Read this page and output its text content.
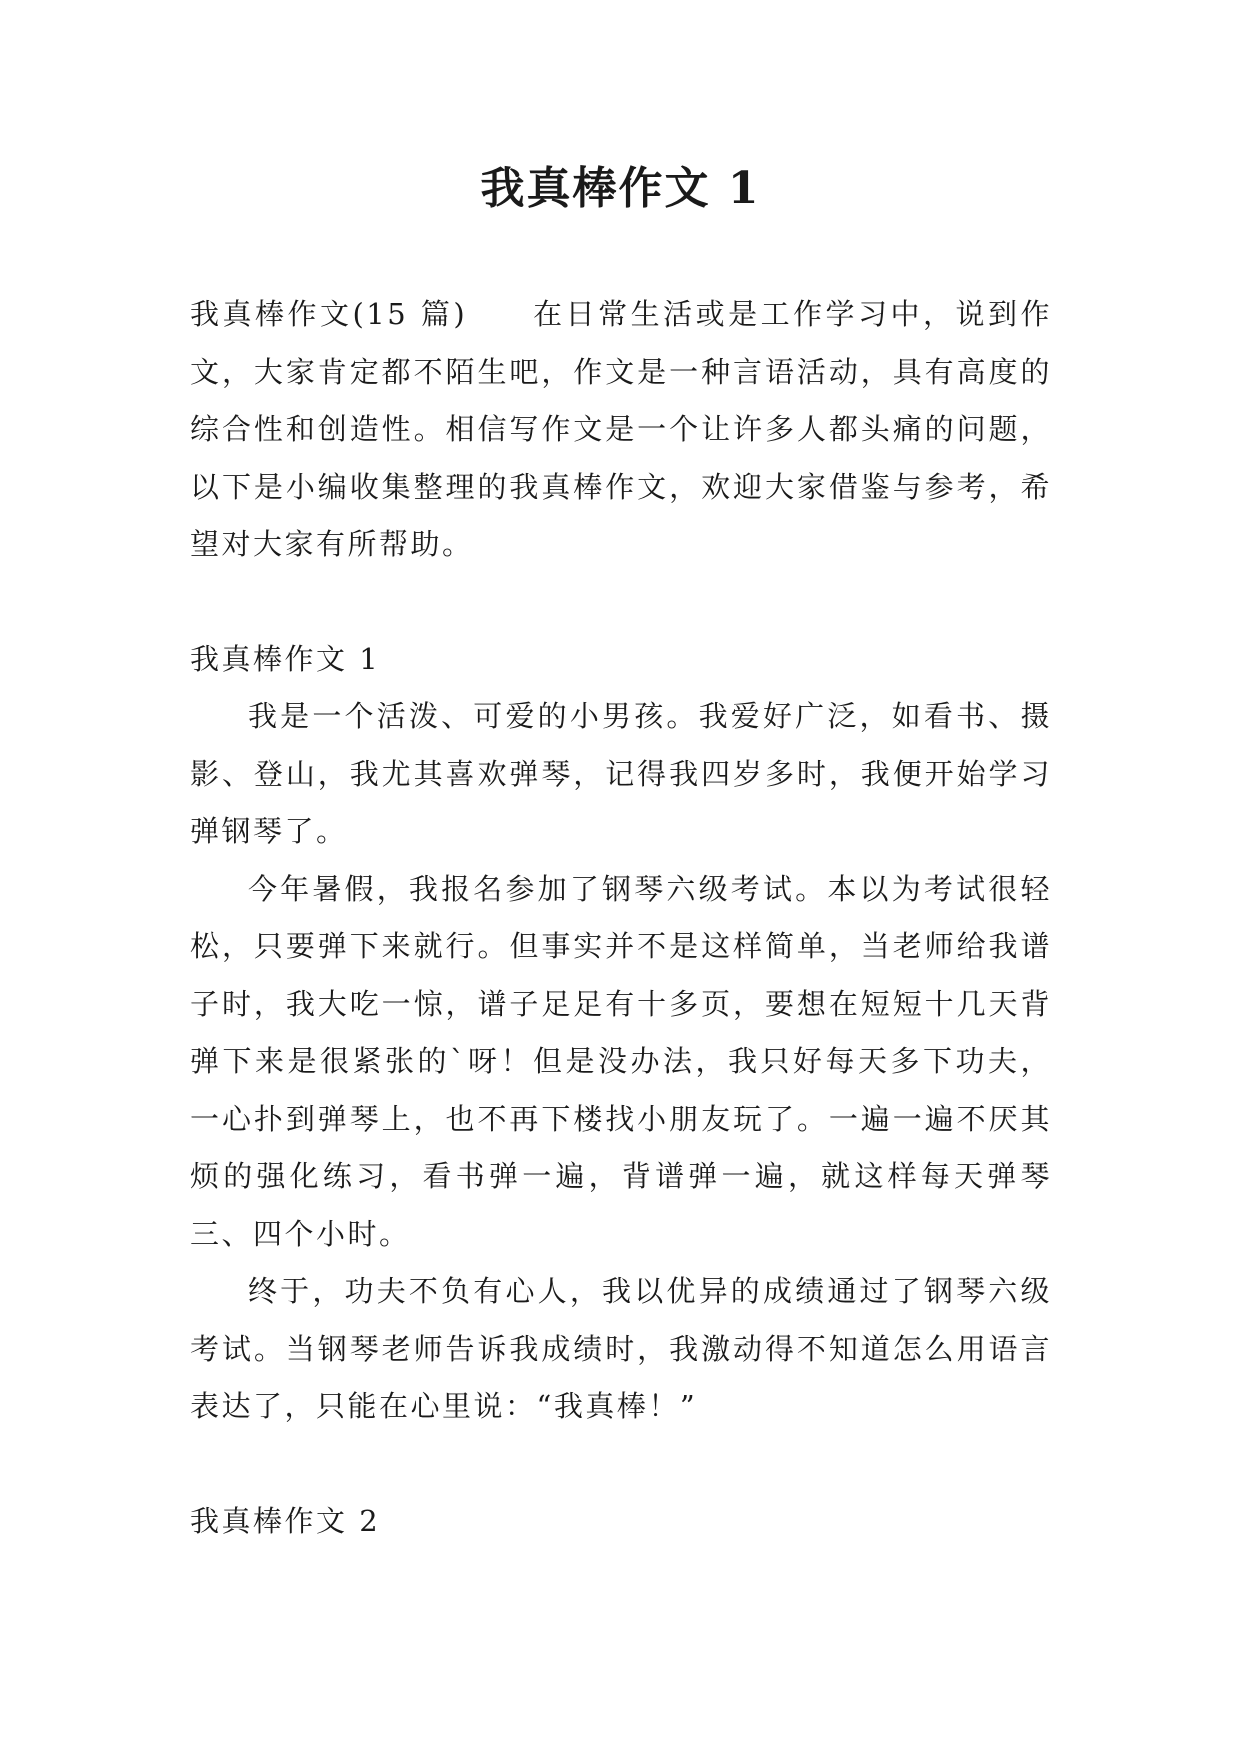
我真棒作文 1

我真棒作文(15 篇)　　在日常生活或是工作学习中，说到作文，大家肯定都不陌生吧，作文是一种言语活动，具有高度的综合性和创造性。相信写作文是一个让许多人都头痛的问题，以下是小编收集整理的我真棒作文，欢迎大家借鉴与参考，希望对大家有所帮助。

我真棒作文 1

我是一个活泼、可爱的小男孩。我爱好广泛，如看书、摄影、登山，我尤其喜欢弹琴，记得我四岁多时，我便开始学习弹钢琴了。

今年暑假，我报名参加了钢琴六级考试。本以为考试很轻松，只要弹下来就行。但事实并不是这样简单，当老师给我谱子时，我大吃一惊，谱子足足有十多页，要想在短短十几天背弹下来是很紧张的`呀！但是没办法，我只好每天多下功夫，一心扑到弹琴上，也不再下楼找小朋友玩了。一遍一遍不厌其烦的强化练习，看书弹一遍，背谱弹一遍，就这样每天弹琴三、四个小时。

终于，功夫不负有心人，我以优异的成绩通过了钢琴六级考试。当钢琴老师告诉我成绩时，我激动得不知道怎么用语言表达了，只能在心里说：“我真棒！”

我真棒作文 2
